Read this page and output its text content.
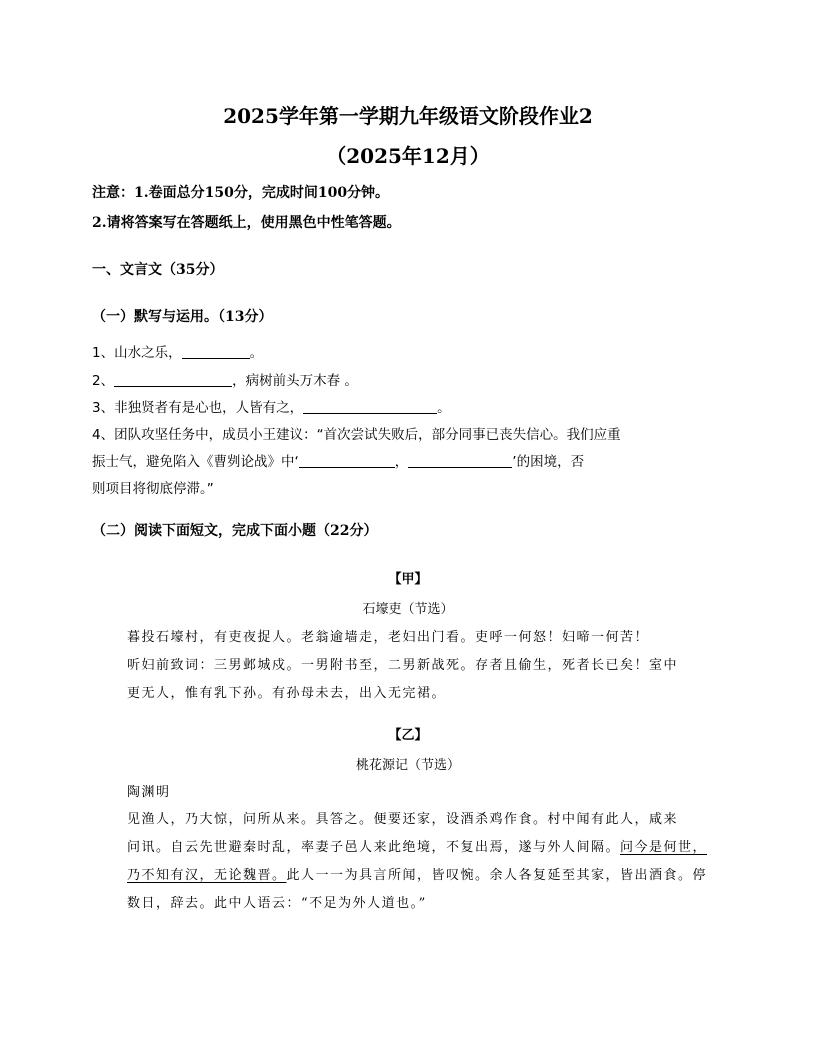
2025学年第一学期九年级语文阶段作业2
（2025年12月）
注意：1.卷面总分150分，完成时间100分钟。
2.请将答案写在答题纸上，使用黑色中性笔答题。
一、文言文（35分）
（一）默写与运用。（13分）
1、山水之乐，	。
2、	，病树前头万木春 。
3、非独贤者有是心也，人皆有之，	。
4、团队攻坚任务中，成员小王建议：“首次尝试失败后，部分同事已丧失信心。我们应重
振士气，避免陷入《曹刿论战》中‘	，	’的困境，否
则项目将彻底停滞。”
（二）阅读下面短文，完成下面小题（22分）
【甲】
石壕吏（节选）
暮投石壕村，有吏夜捉人。老翁逾墙走，老妇出门看。吏呼一何怒！妇啼一何苦！
听妇前致词：三男邺城戍。一男附书至，二男新战死。存者且偷生，死者长已矣！室中
更无人，惟有乳下孙。有孙母未去，出入无完裙。
【乙】
桃花源记（节选）
陶渊明
见渔人，乃大惊，问所从来。具答之。便要还家，设酒杀鸡作食。村中闻有此人，咸来
问讯。自云先世避秦时乱，率妻子邑人来此绝境，不复出焉，遂与外人间隔。问今是何世，
乃不知有汉，无论魏晋。此人一一为具言所闻，皆叹惋。余人各复延至其家，皆出酒食。停
数日，辞去。此中人语云：“不足为外人道也。”
